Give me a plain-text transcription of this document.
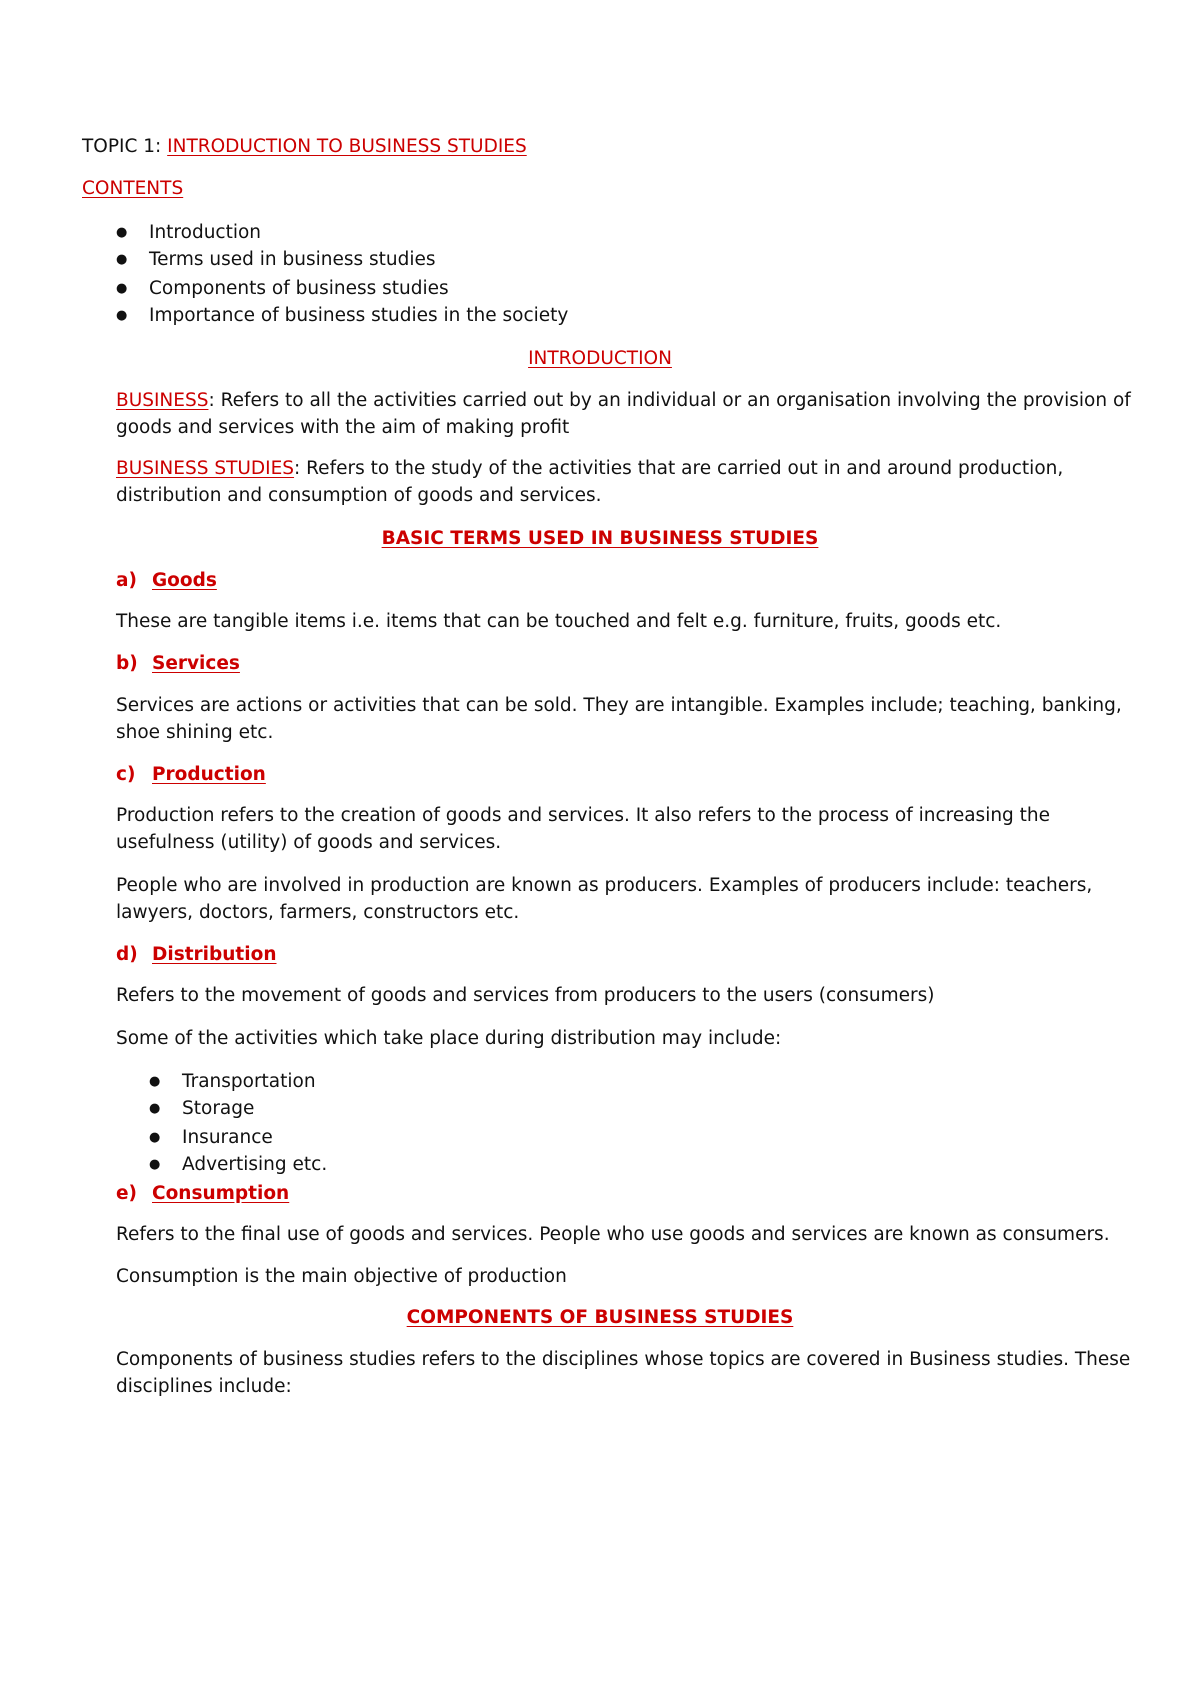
TOPIC 1: INTRODUCTION TO BUSINESS STUDIES

CONTENTS

● Introduction

● Terms used in business studies

● Components of business studies

● Importance of business studies in the society

INTRODUCTION

BUSINESS: Refers to all the activities carried out by an individual or an organisation involving the provision of

goods and services with the aim of making profit

BUSINESS STUDIES: Refers to the study of the activities that are carried out in and around production,

distribution and consumption of goods and services.

BASIC TERMS USED IN BUSINESS STUDIES

a) Goods

These are tangible items i.e. items that can be touched and felt e.g. furniture, fruits, goods etc.

b) Services

Services are actions or activities that can be sold. They are intangible. Examples include; teaching, banking,

shoe shining etc.

c) Production

Production refers to the creation of goods and services. It also refers to the process of increasing the

usefulness (utility) of goods and services.

People who are involved in production are known as producers. Examples of producers include: teachers,

lawyers, doctors, farmers, constructors etc.

d) Distribution

Refers to the movement of goods and services from producers to the users (consumers)

Some of the activities which take place during distribution may include:

● Transportation

● Storage

● Insurance

● Advertising etc.

e) Consumption

Refers to the final use of goods and services. People who use goods and services are known as consumers.

Consumption is the main objective of production

COMPONENTS OF BUSINESS STUDIES

Components of business studies refers to the disciplines whose topics are covered in Business studies. These

disciplines include:
